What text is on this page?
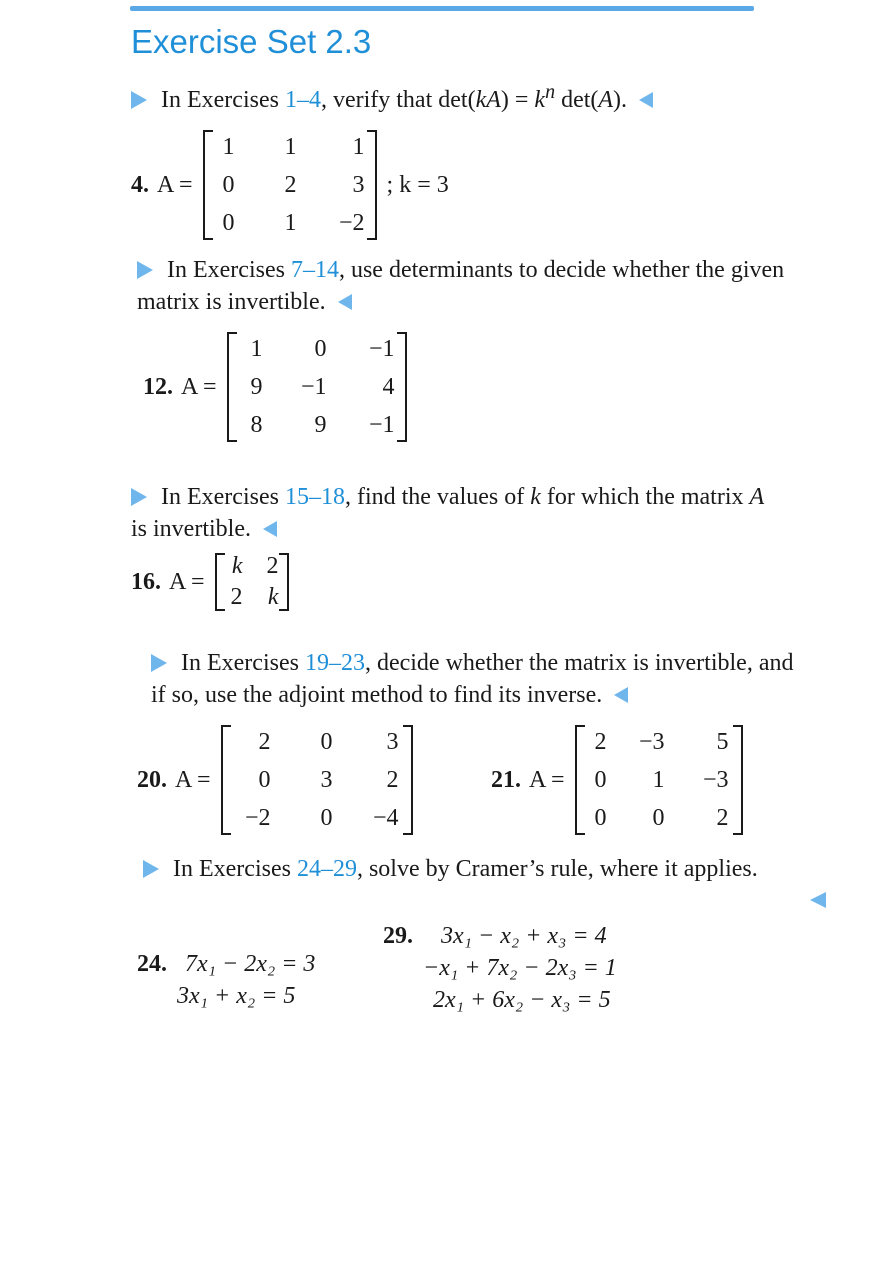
Exercise Set 2.3

In Exercises 1–4, verify that $\det(kA) = k^n$ det(A).

4. A =
1	1	1
0	2	3
0	1	−2
; k = 3
In Exercises 7–14, use determinants to decide whether the given
matrix is invertible.
12. A =
1	0	−1
9	−1	4
8	9	−1
In Exercises 15–18, find the values of k for which the matrix A
is invertible.
16. A =
k	2
2	k
In Exercises 19–23, decide whether the matrix is invertible, and
if so, use the adjoint method to find its inverse.
20. A =
2	0	3
0	3	2
−2	0	−4
21. A =
2	−3	5
0	1	−3
0	0	2

In Exercises 24–29, solve by Cramer’s rule, where it applies.

24. 7x₁ − 2x₂ = 3
3x₁ + x₂ = 5
29. 3x₁ − x₂ + x₃ = 4
−x₁ + 7x₂ − 2x₃ = 1
2x₁ + 6x₂ − x₃ = 5
